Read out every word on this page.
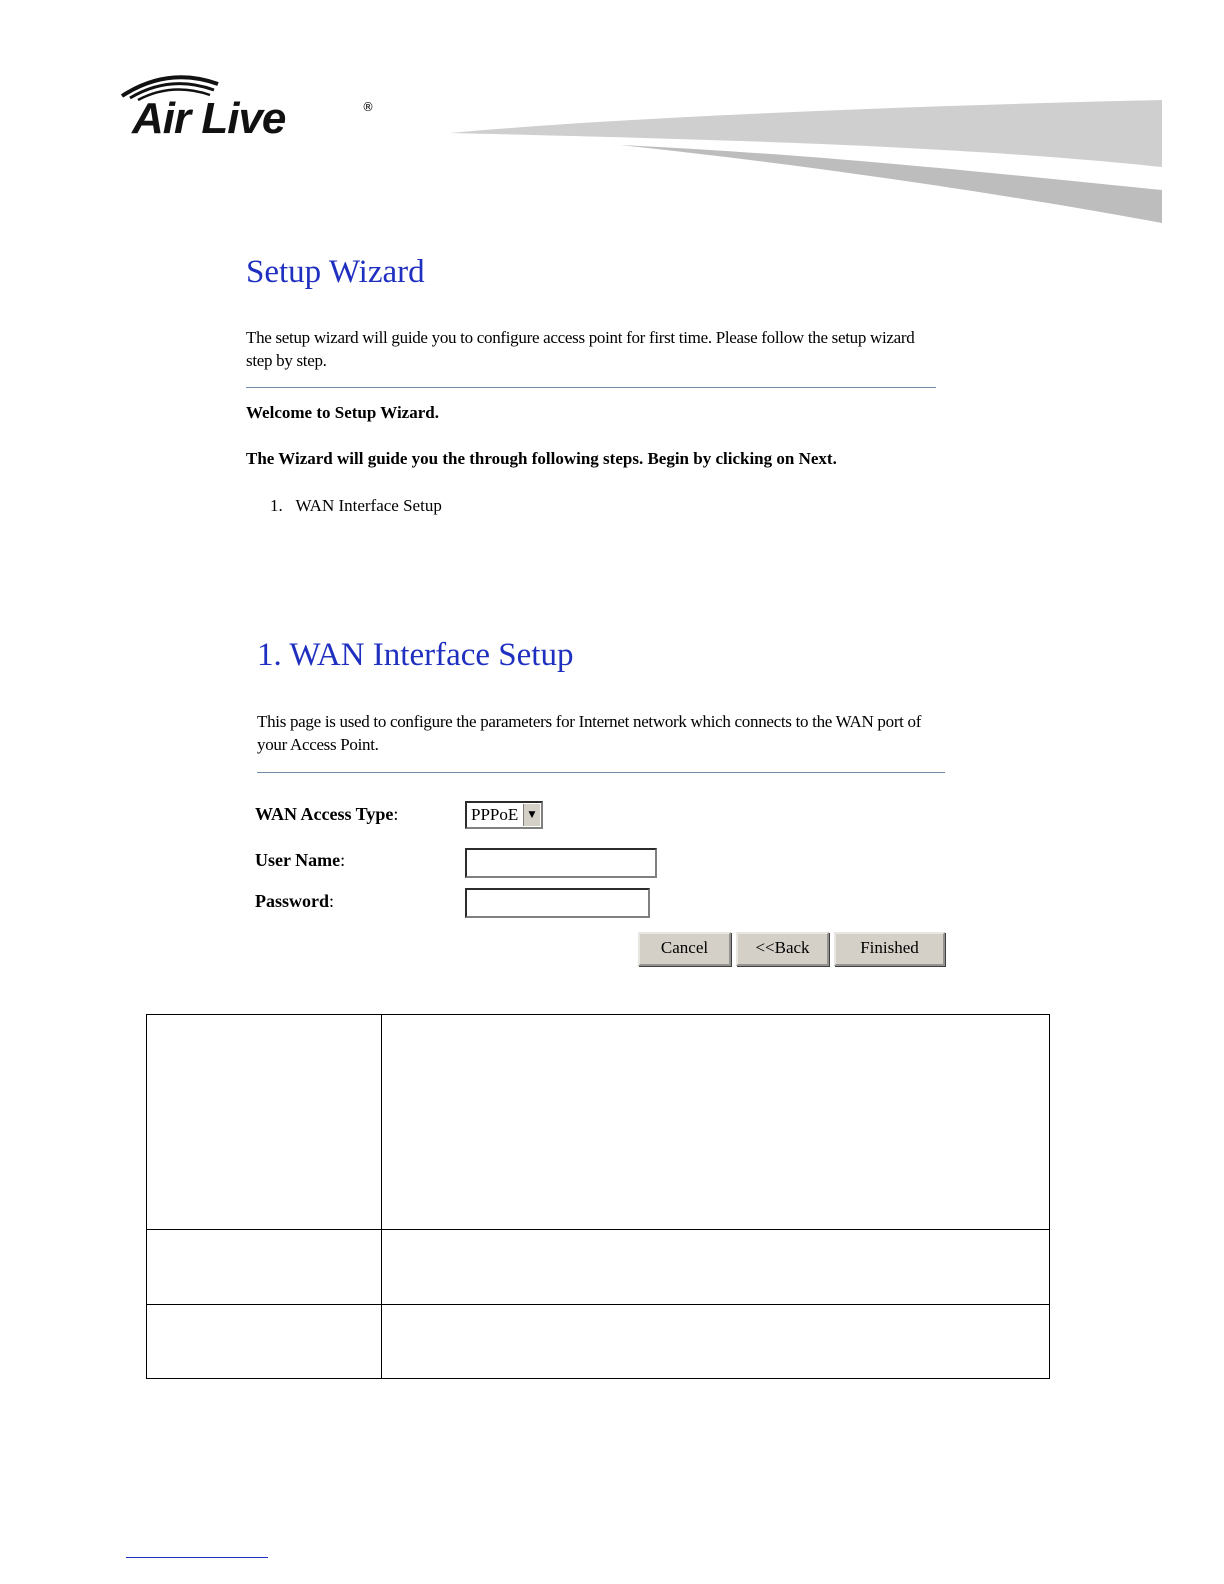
Air Live	®
Setup Wizard
The setup wizard will guide you to configure access point for first time. Please follow the setup wizard step by step.
Welcome to Setup Wizard.
The Wizard will guide you the through following steps. Begin by clicking on Next.
1.   WAN Interface Setup
1. WAN Interface Setup
This page is used to configure the parameters for Internet network which connects to the WAN port of your Access Point.
WAN Access Type:	PPPoE	▼
User Name:
Password:
Cancel	<<Back	Finished
